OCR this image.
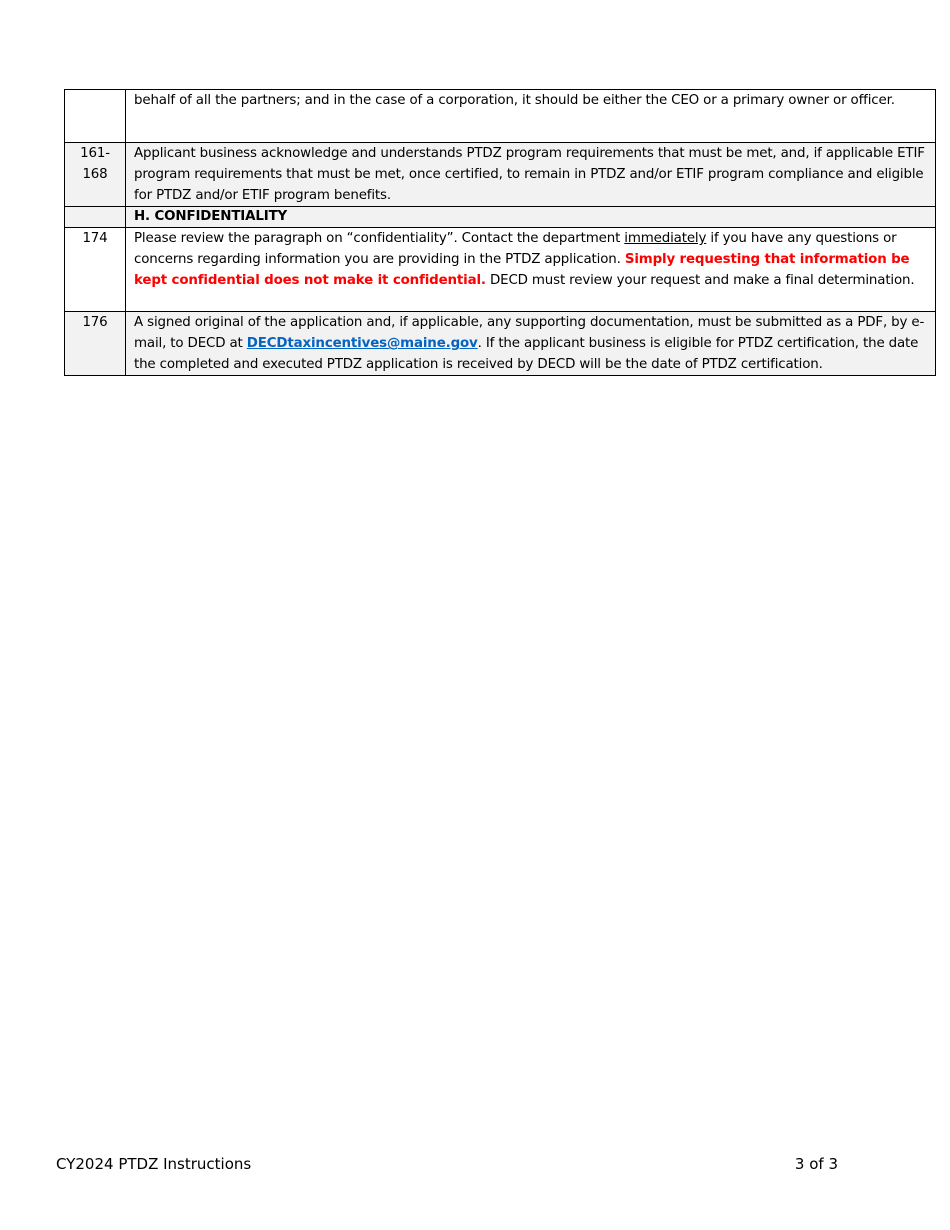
	behalf of all the partners; and in the case of a corporation, it should be either the CEO or a primary owner or officer.
161-
168	Applicant business acknowledge and understands PTDZ program requirements that must be met, and, if applicable ETIF program requirements that must be met, once certified, to remain in PTDZ and/or ETIF program compliance and eligible for PTDZ and/or ETIF program benefits.
	H. CONFIDENTIALITY
174	Please review the paragraph on “confidentiality”. Contact the department immediately if you have any questions or concerns regarding information you are providing in the PTDZ application. Simply requesting that information be kept confidential does not make it confidential. DECD must review your request and make a final determination.
176	A signed original of the application and, if applicable, any supporting documentation, must be submitted as a PDF, by e-mail, to DECD at DECDtaxincentives@maine.gov. If the applicant business is eligible for PTDZ certification, the date the completed and executed PTDZ application is received by DECD will be the date of PTDZ certification.
CY2024 PTDZ Instructions	3 of 3
